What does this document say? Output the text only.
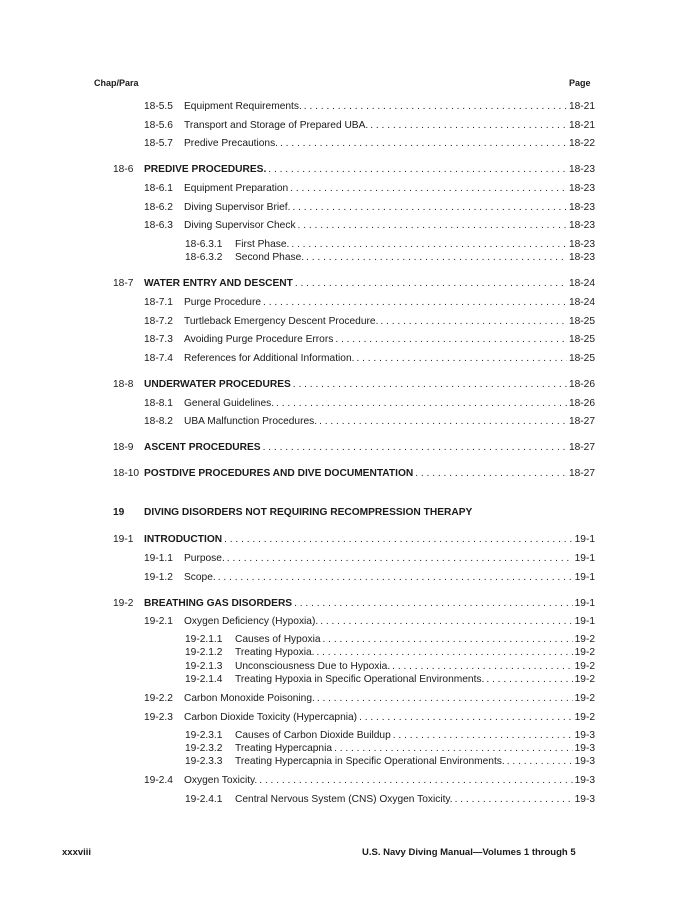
Chap/Para	Page
18-5.5	Equipment Requirements. . . .	18-21
18-5.6	Transport and Storage of Prepared UBA. . . .	18-21
18-5.7	Predive Precautions. . . .	18-22
18-6	PREDIVE PROCEDURES. . . .	18-23
18-6.1	Equipment Preparation . . .	18-23
18-6.2	Diving Supervisor Brief. . . .	18-23
18-6.3	Diving Supervisor Check . . .	18-23
18-6.3.1	First Phase. . . .	18-23
18-6.3.2	Second Phase. . . .	18-23
18-7	WATER ENTRY AND DESCENT . . .	18-24
18-7.1	Purge Procedure . . .	18-24
18-7.2	Turtleback Emergency Descent Procedure. . . .	18-25
18-7.3	Avoiding Purge Procedure Errors . . .	18-25
18-7.4	References for Additional Information. . . .	18-25
18-8	UNDERWATER PROCEDURES . . .	18-26
18-8.1	General Guidelines. . . .	18-26
18-8.2	UBA Malfunction Procedures. . . .	18-27
18-9	ASCENT PROCEDURES . . .	18-27
18-10 POSTDIVE PROCEDURES AND DIVE DOCUMENTATION . . .	18-27
19 DIVING DISORDERS NOT REQUIRING RECOMPRESSION THERAPY
19-1	INTRODUCTION . . .	19-1
19-1.1	Purpose. . . .	19-1
19-1.2	Scope. . . .	19-1
19-2	BREATHING GAS DISORDERS . . .	19-1
19-2.1	Oxygen Deficiency (Hypoxia). . . .	19-1
19-2.1.1	Causes of Hypoxia . . .	19-2
19-2.1.2	Treating Hypoxia. . . .	19-2
19-2.1.3	Unconsciousness Due to Hypoxia. . . .	19-2
19-2.1.4	Treating Hypoxia in Specific Operational Environments. . . .	19-2
19-2.2	Carbon Monoxide Poisoning. . . .	19-2
19-2.3	Carbon Dioxide Toxicity (Hypercapnia) . . .	19-2
19-2.3.1	Causes of Carbon Dioxide Buildup . . .	19-3
19-2.3.2	Treating Hypercapnia . . .	19-3
19-2.3.3	Treating Hypercapnia in Specific Operational Environments. . . .	19-3
19-2.4	Oxygen Toxicity. . . .	19-3
19-2.4.1	Central Nervous System (CNS) Oxygen Toxicity. . . .	19-3
xxxviii	U.S. Navy Diving Manual—Volumes 1 through 5
